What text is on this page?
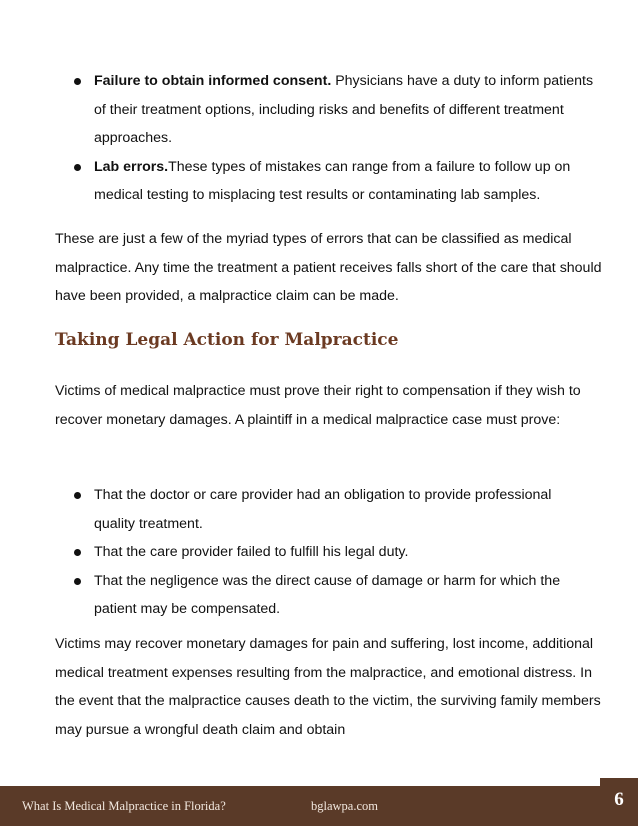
Failure to obtain informed consent. Physicians have a duty to inform patients of their treatment options, including risks and benefits of different treatment approaches.
Lab errors.These types of mistakes can range from a failure to follow up on medical testing to misplacing test results or contaminating lab samples.

These are just a few of the myriad types of errors that can be classified as medical malpractice. Any time the treatment a patient receives falls short of the care that should have been provided, a malpractice claim can be made.

Taking Legal Action for Malpractice

Victims of medical malpractice must prove their right to compensation if they wish to recover monetary damages. A plaintiff in a medical malpractice case must prove:

That the doctor or care provider had an obligation to provide professional quality treatment.
That the care provider failed to fulfill his legal duty.
That the negligence was the direct cause of damage or harm for which the patient may be compensated.

Victims may recover monetary damages for pain and suffering, lost income, additional medical treatment expenses resulting from the malpractice, and emotional distress. In the event that the malpractice causes death to the victim, the surviving family members may pursue a wrongful death claim and obtain

What Is Medical Malpractice in Florida?	bglawpa.com	6
